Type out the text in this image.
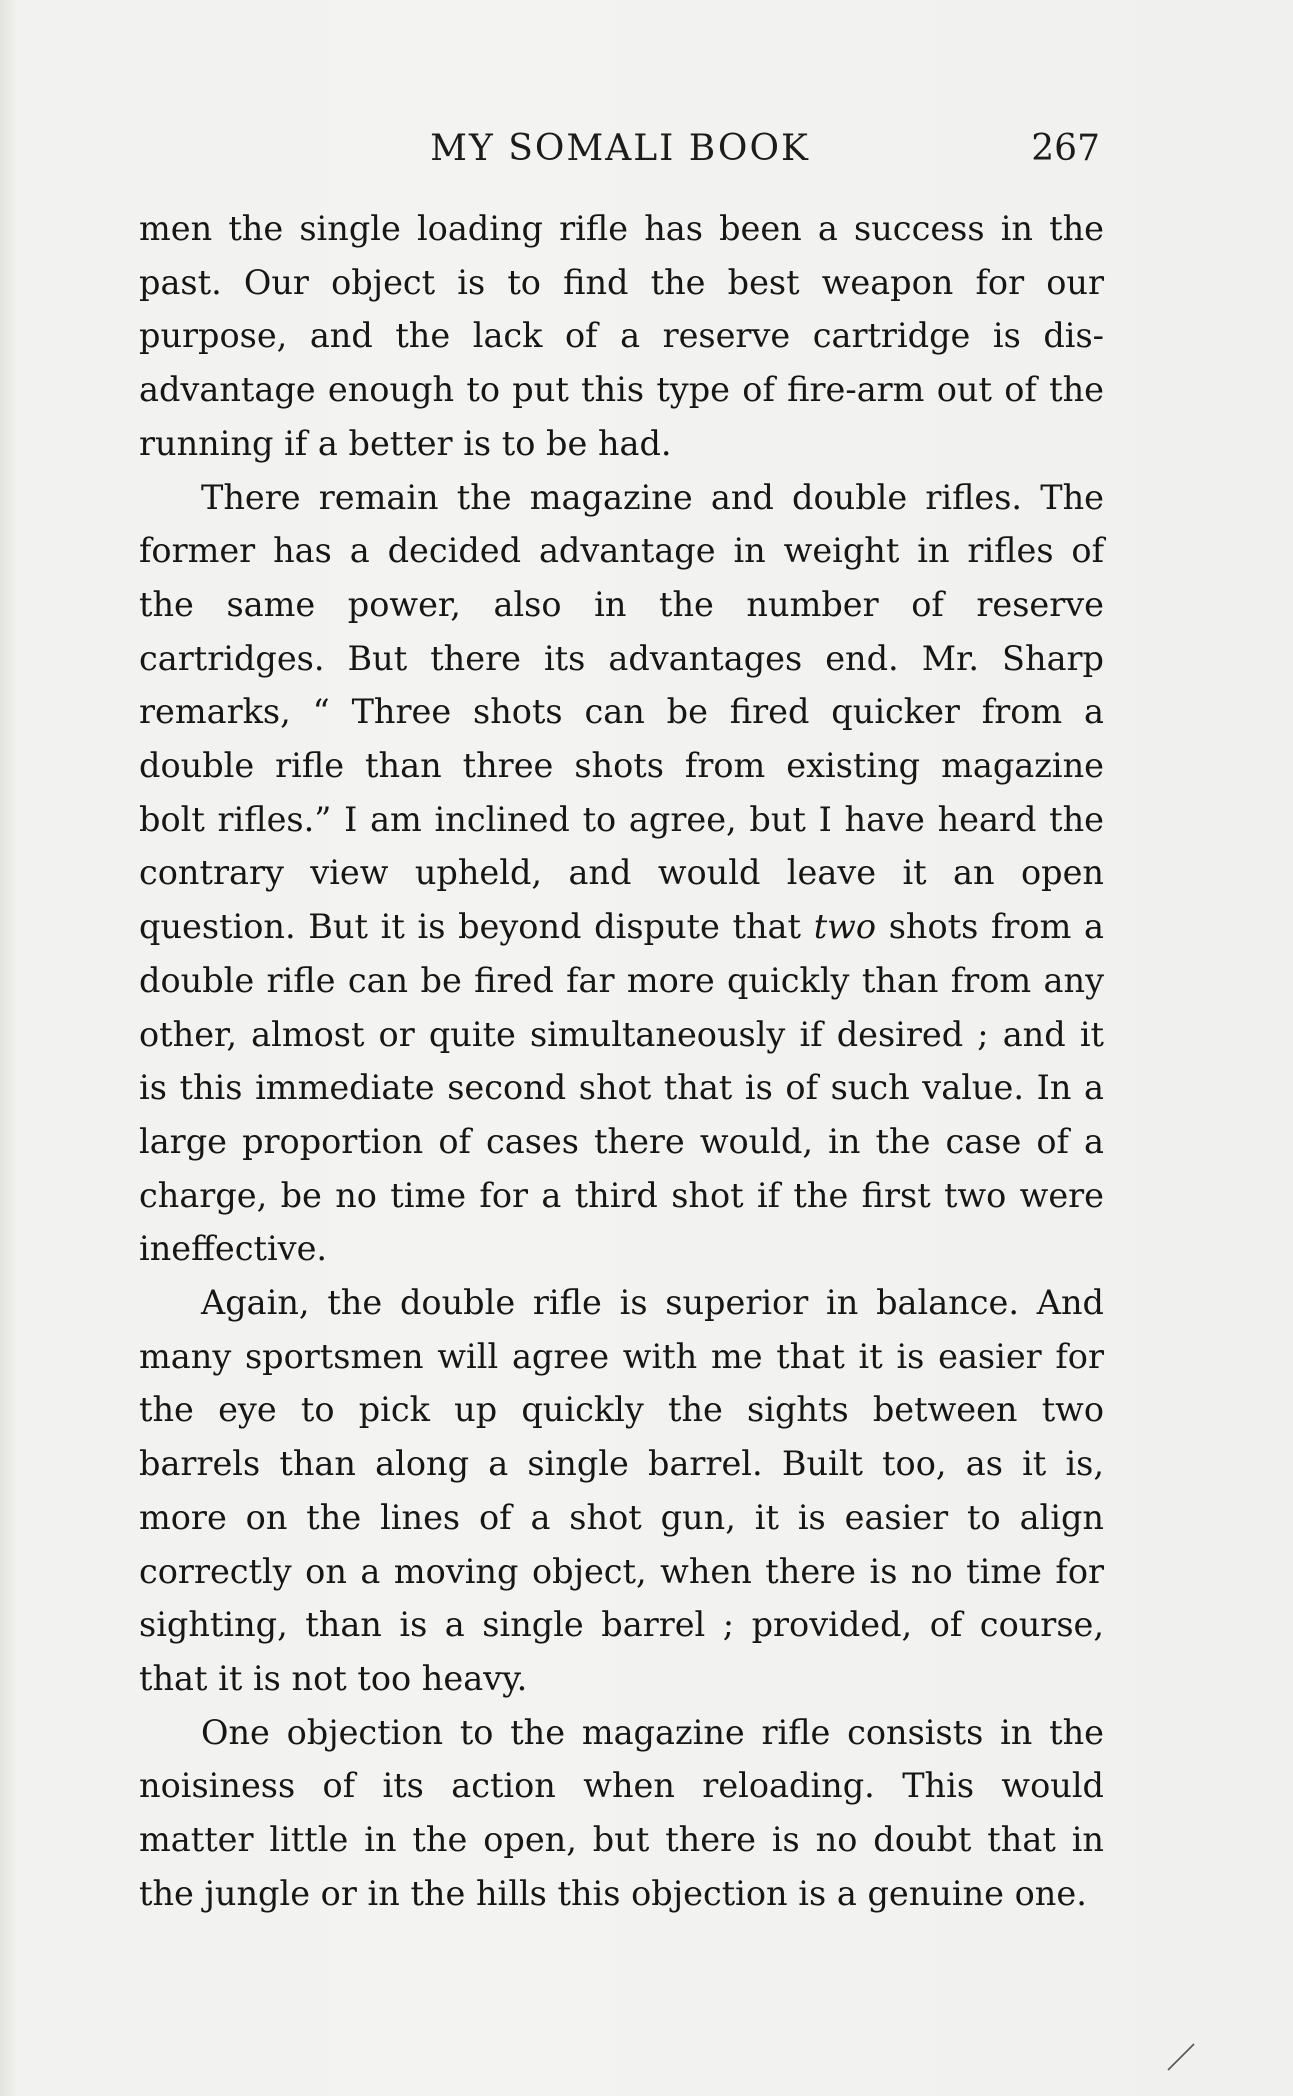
MY SOMALI BOOK	267

men the single loading rifle has been a success in the past. Our object is to find the best weapon for our purpose, and the lack of a reserve cartridge is dis-advantage enough to put this type of fire-arm out of the running if a better is to be had.

There remain the magazine and double rifles. The former has a decided advantage in weight in rifles of the same power, also in the number of reserve cartridges. But there its advantages end. Mr. Sharp remarks, “ Three shots can be fired quicker from a double rifle than three shots from existing magazine bolt rifles.” I am inclined to agree, but I have heard the contrary view upheld, and would leave it an open question. But it is beyond dispute that two shots from a double rifle can be fired far more quickly than from any other, almost or quite simultaneously if desired ; and it is this immediate second shot that is of such value. In a large proportion of cases there would, in the case of a charge, be no time for a third shot if the first two were ineffective.

Again, the double rifle is superior in balance. And many sportsmen will agree with me that it is easier for the eye to pick up quickly the sights between two barrels than along a single barrel. Built too, as it is, more on the lines of a shot gun, it is easier to align correctly on a moving object, when there is no time for sighting, than is a single barrel ; provided, of course, that it is not too heavy.

One objection to the magazine rifle consists in the noisiness of its action when reloading. This would matter little in the open, but there is no doubt that in the jungle or in the hills this objection is a genuine one.
